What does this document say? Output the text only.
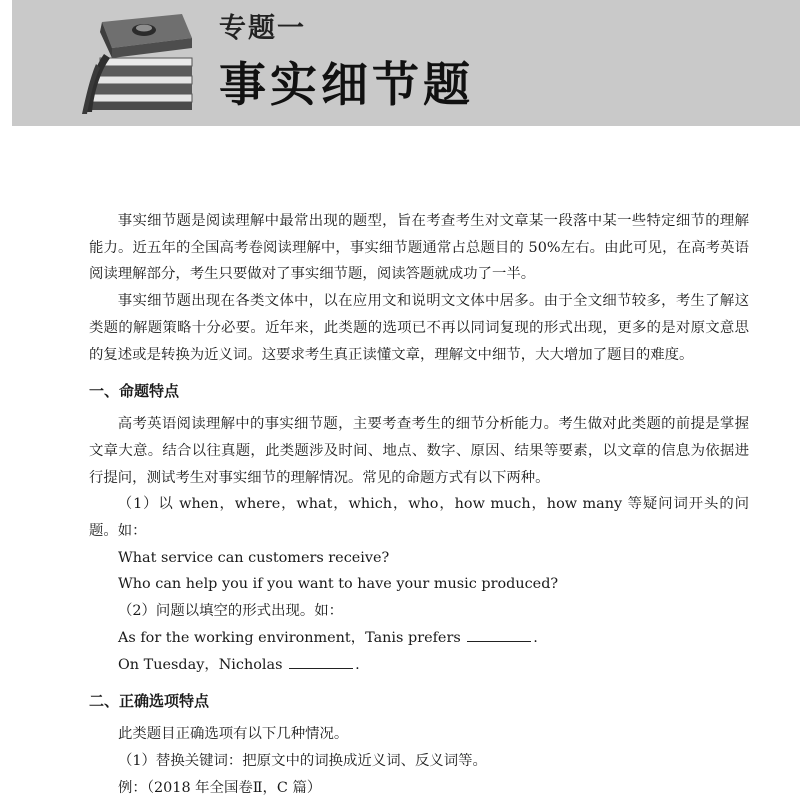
专题一
事实细节题

事实细节题是阅读理解中最常出现的题型，旨在考查考生对文章某一段落中某一些特定细节的理解能力。近五年的全国高考卷阅读理解中，事实细节题通常占总题目的 50%左右。由此可见，在高考英语阅读理解部分，考生只要做对了事实细节题，阅读答题就成功了一半。

事实细节题出现在各类文体中，以在应用文和说明文文体中居多。由于全文细节较多，考生了解这类题的解题策略十分必要。近年来，此类题的选项已不再以同词复现的形式出现，更多的是对原文意思的复述或是转换为近义词。这要求考生真正读懂文章，理解文中细节，大大增加了题目的难度。

一、命题特点

高考英语阅读理解中的事实细节题，主要考查考生的细节分析能力。考生做对此类题的前提是掌握文章大意。结合以往真题，此类题涉及时间、地点、数字、原因、结果等要素，以文章的信息为依据进行提问，测试考生对事实细节的理解情况。常见的命题方式有以下两种。

（1）以 when，where，what，which，who，how much，how many 等疑问词开头的问题。如：

What service can customers receive?

Who can help you if you want to have your music produced?

（2）问题以填空的形式出现。如：

As for the working environment，Tanis prefers	.

On Tuesday，Nicholas	.

二、正确选项特点

此类题目正确选项有以下几种情况。

（1）替换关键词：把原文中的词换成近义词、反义词等。

例：（2018 年全国卷Ⅱ，C 篇）
